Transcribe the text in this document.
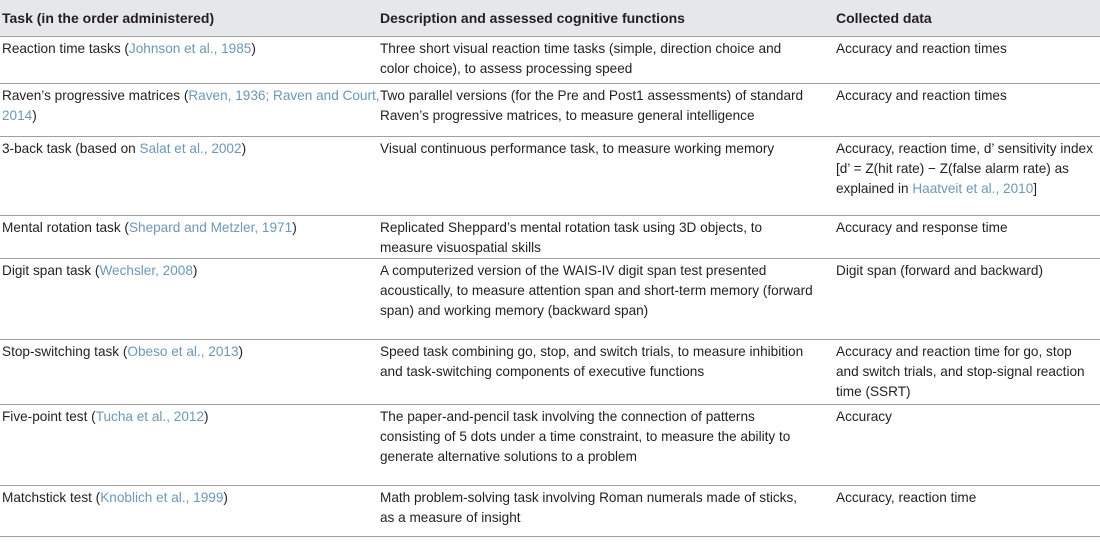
Task (in the order administered)	Description and assessed cognitive functions	Collected data
Reaction time tasks (Johnson et al., 1985)	Three short visual reaction time tasks (simple, direction choice and color choice), to assess processing speed	Accuracy and reaction times
Raven’s progressive matrices (Raven, 1936; Raven and Court, 2014)	Two parallel versions (for the Pre and Post1 assessments) of standard Raven’s progressive matrices, to measure general intelligence	Accuracy and reaction times
3-back task (based on Salat et al., 2002)	Visual continuous performance task, to measure working memory	Accuracy, reaction time, d’ sensitivity index [d’ = Z(hit rate) − Z(false alarm rate) as explained in Haatveit et al., 2010]
Mental rotation task (Shepard and Metzler, 1971)	Replicated Sheppard’s mental rotation task using 3D objects, to measure visuospatial skills	Accuracy and response time
Digit span task (Wechsler, 2008)	A computerized version of the WAIS-IV digit span test presented acoustically, to measure attention span and short-term memory (forward span) and working memory (backward span)	Digit span (forward and backward)
Stop-switching task (Obeso et al., 2013)	Speed task combining go, stop, and switch trials, to measure inhibition and task-switching components of executive functions	Accuracy and reaction time for go, stop and switch trials, and stop-signal reaction time (SSRT)
Five-point test (Tucha et al., 2012)	The paper-and-pencil task involving the connection of patterns consisting of 5 dots under a time constraint, to measure the ability to generate alternative solutions to a problem	Accuracy
Matchstick test (Knoblich et al., 1999)	Math problem-solving task involving Roman numerals made of sticks, as a measure of insight	Accuracy, reaction time
